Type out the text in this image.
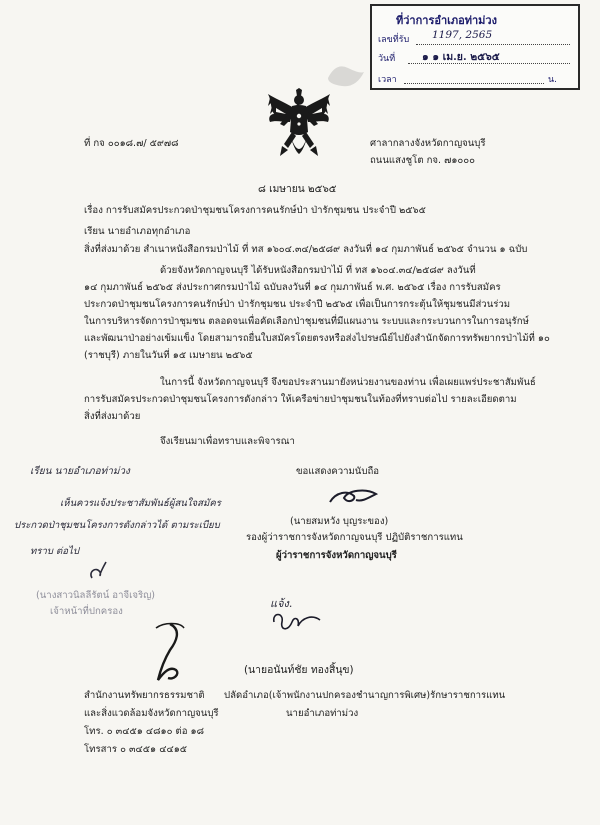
ที่ว่าการอำเภอท่าม่วง
เลขที่รับ 1197, 2565
วันที่	๑ ๑ เม.ย. ๒๕๖๕
เวลา	น.
ที่ กจ ๐๐๑๘.๗/ ๕๙๗๘	ศาลากลางจังหวัดกาญจนบุรี
ถนนแสงชูโต กจ. ๗๑๐๐๐
๘ เมษายน ๒๕๖๕
เรื่อง การรับสมัครประกวดป่าชุมชนโครงการคนรักษ์ป่า ป่ารักชุมชน ประจำปี ๒๕๖๕
เรียน นายอำเภอทุกอำเภอ
สิ่งที่ส่งมาด้วย สำเนาหนังสือกรมป่าไม้ ที่ ทส ๑๖๐๔.๓๔/๒๕๘๙ ลงวันที่ ๑๔ กุมภาพันธ์ ๒๕๖๕ จำนวน ๑ ฉบับ
ด้วยจังหวัดกาญจนบุรี ได้รับหนังสือกรมป่าไม้ ที่ ทส ๑๖๐๔.๓๔/๒๕๘๙ ลงวันที่
๑๔ กุมภาพันธ์ ๒๕๖๕ ส่งประกาศกรมป่าไม้ ฉบับลงวันที่ ๑๔ กุมภาพันธ์ พ.ศ. ๒๕๖๕ เรื่อง การรับสมัคร
ประกวดป่าชุมชนโครงการคนรักษ์ป่า ป่ารักชุมชน ประจำปี ๒๕๖๕ เพื่อเป็นการกระตุ้นให้ชุมชนมีส่วนร่วม
ในการบริหารจัดการป่าชุมชน ตลอดจนเพื่อคัดเลือกป่าชุมชนที่มีแผนงาน ระบบและกระบวนการในการอนุรักษ์
และพัฒนาป่าอย่างเข้มแข็ง โดยสามารถยื่นใบสมัครโดยตรงหรือส่งไปรษณีย์ไปยังสำนักจัดการทรัพยากรป่าไม้ที่ ๑๐
(ราชบุรี) ภายในวันที่ ๑๕ เมษายน ๒๕๖๕
ในการนี้ จังหวัดกาญจนบุรี จึงขอประสานมายังหน่วยงานของท่าน เพื่อเผยแพร่ประชาสัมพันธ์
การรับสมัครประกวดป่าชุมชนโครงการดังกล่าว ให้เครือข่ายป่าชุมชนในท้องที่ทราบต่อไป รายละเอียดตาม
สิ่งที่ส่งมาด้วย
จึงเรียนมาเพื่อทราบและพิจารณา
ขอแสดงความนับถือ
เรียน นายอำเภอท่าม่วง
เห็นควรแจ้งประชาสัมพันธ์ผู้สนใจสมัคร
ประกวดป่าชุมชนโครงการดังกล่าวได้ ตามระเบียบ
ทราบ ต่อไป
(นายสมหวัง บุญระของ)
รองผู้ว่าราชการจังหวัดกาญจนบุรี ปฏิบัติราชการแทน
ผู้ว่าราชการจังหวัดกาญจนบุรี
(นางสาวนิลลีรัตน์ อาจีเจริญ)
เจ้าหน้าที่ปกครอง
แจ้ง.
(นายอนันท์ชัย ทองสิ้นุข)
ปลัดอำเภอ(เจ้าพนักงานปกครองชำนาญการพิเศษ)รักษาราชการแทน
นายอำเภอท่าม่วง
สำนักงานทรัพยากรธรรมชาติ
และสิ่งแวดล้อมจังหวัดกาญจนบุรี
โทร. ๐ ๓๔๕๑ ๔๘๑๐ ต่อ ๑๘
โทรสาร ๐ ๓๔๕๑ ๔๔๑๕
